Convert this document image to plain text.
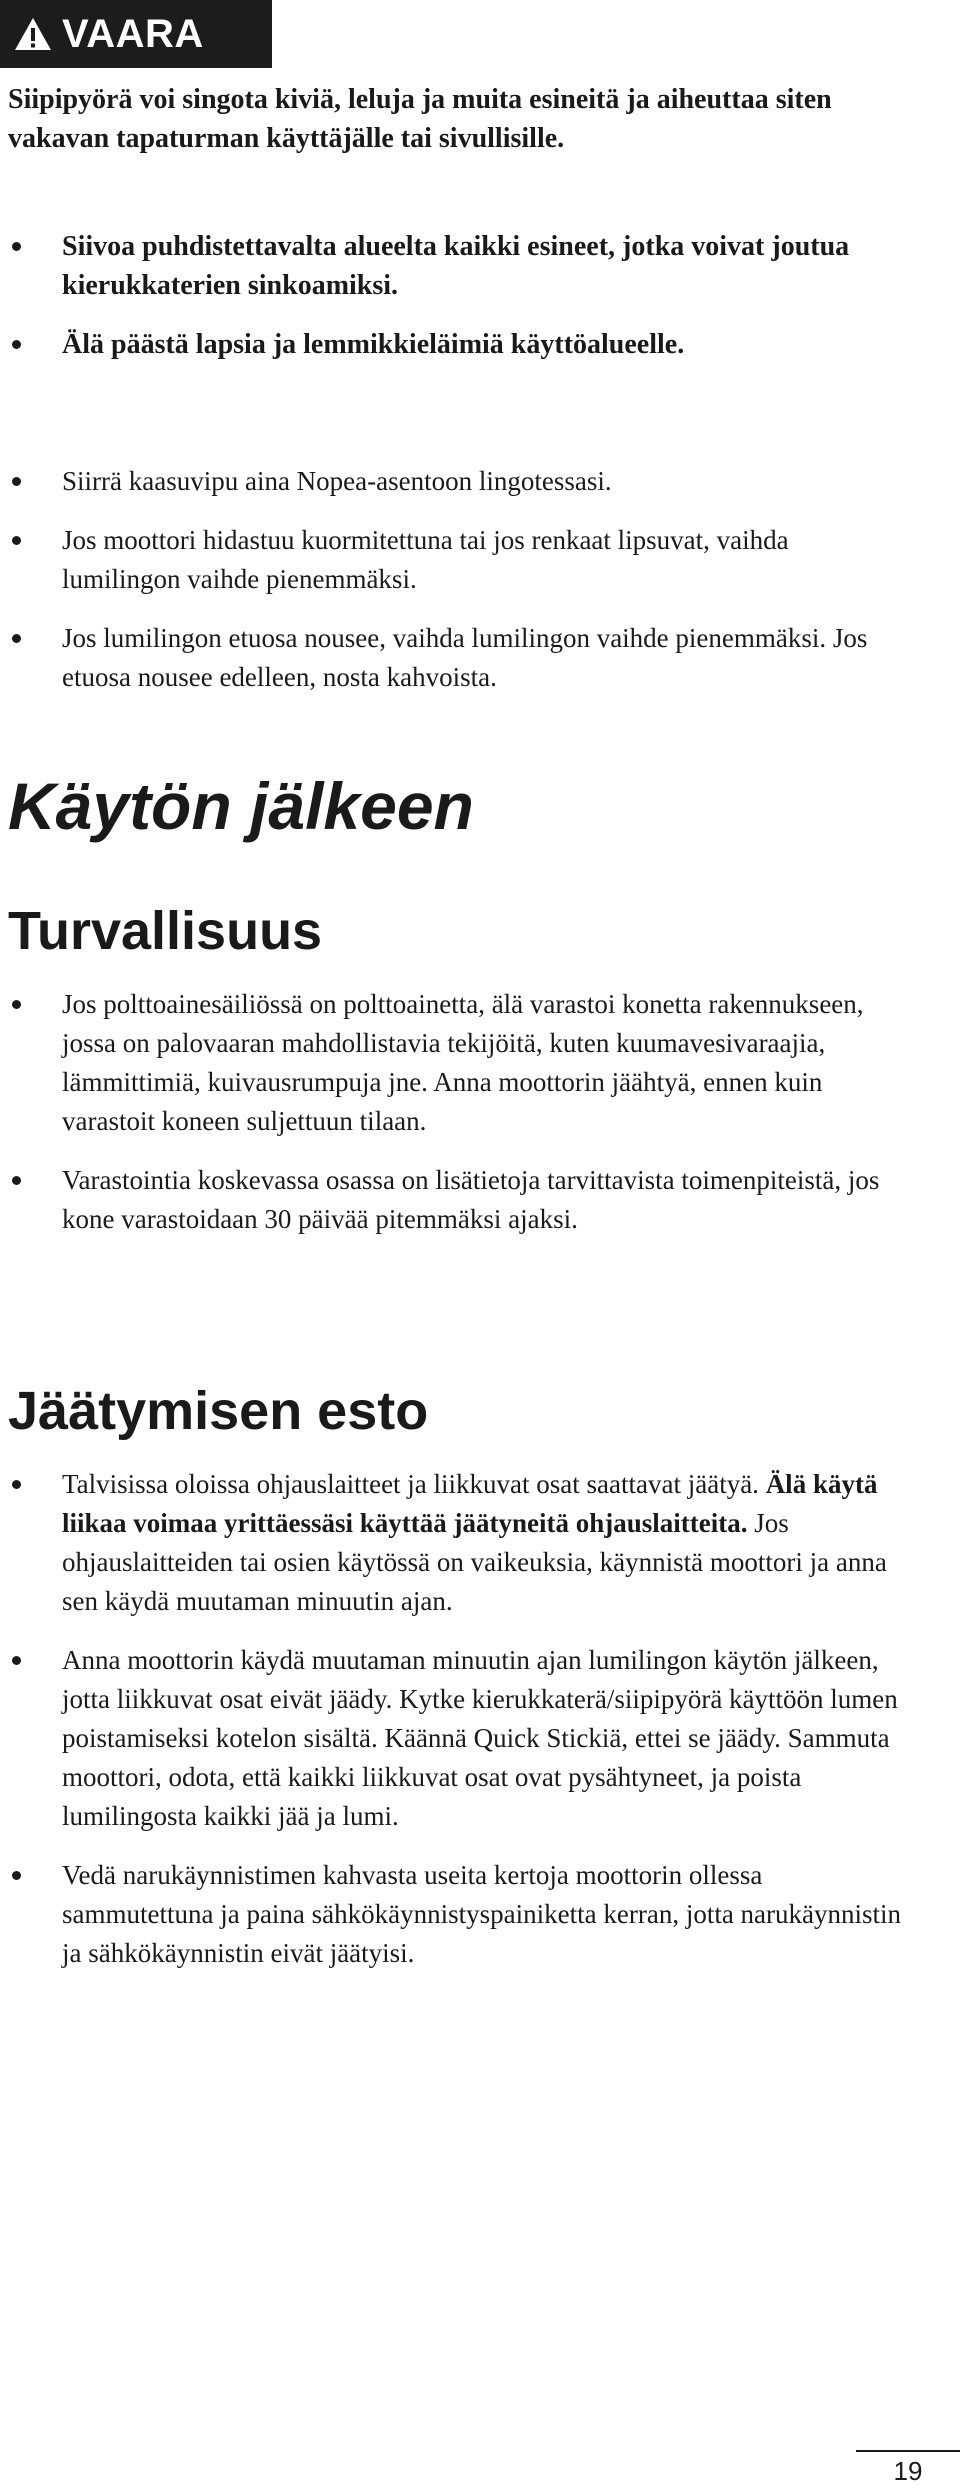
VAARA

Siipipyörä voi singota kiviä, leluja ja muita esineitä ja aiheuttaa siten vakavan tapaturman käyttäjälle tai sivullisille.

Siivoa puhdistettavalta alueelta kaikki esineet, jotka voivat joutua kierukkaterien sinkoamiksi.
Älä päästä lapsia ja lemmikkieläimiä käyttöalueelle.
Siirrä kaasuvipu aina Nopea-asentoon lingotessasi.
Jos moottori hidastuu kuormitettuna tai jos renkaat lipsuvat, vaihda lumilingon vaihde pienemmäksi.
Jos lumilingon etuosa nousee, vaihda lumilingon vaihde pienemmäksi. Jos etuosa nousee edelleen, nosta kahvoista.
Käytön jälkeen
Turvallisuus
Jos polttoainesäiliössä on polttoainetta, älä varastoi konetta rakennukseen, jossa on palovaaran mahdollistavia tekijöitä, kuten kuumavesivaraajia, lämmittimiä, kuivausrumpuja jne. Anna moottorin jäähtyä, ennen kuin varastoit koneen suljettuun tilaan.
Varastointia koskevassa osassa on lisätietoja tarvittavista toimenpiteistä, jos kone varastoidaan 30 päivää pitemmäksi ajaksi.
Jäätymisen esto
Talvisissa oloissa ohjauslaitteet ja liikkuvat osat saattavat jäätyä. Älä käytä liikaa voimaa yrittäessäsi käyttää jäätyneitä ohjauslaitteita. Jos ohjauslaitteiden tai osien käytössä on vaikeuksia, käynnistä moottori ja anna sen käydä muutaman minuutin ajan.
Anna moottorin käydä muutaman minuutin ajan lumilingon käytön jälkeen, jotta liikkuvat osat eivät jäädy. Kytke kierukkaterä/siipipyörä käyttöön lumen poistamiseksi kotelon sisältä. Käännä Quick Stickiä, ettei se jäädy. Sammuta moottori, odota, että kaikki liikkuvat osat ovat pysähtyneet, ja poista lumilingosta kaikki jää ja lumi.
Vedä narukäynnistimen kahvasta useita kertoja moottorin ollessa sammutettuna ja paina sähkökäynnistyspainiketta kerran, jotta narukäynnistin ja sähkökäynnistin eivät jäätyisi.
19
